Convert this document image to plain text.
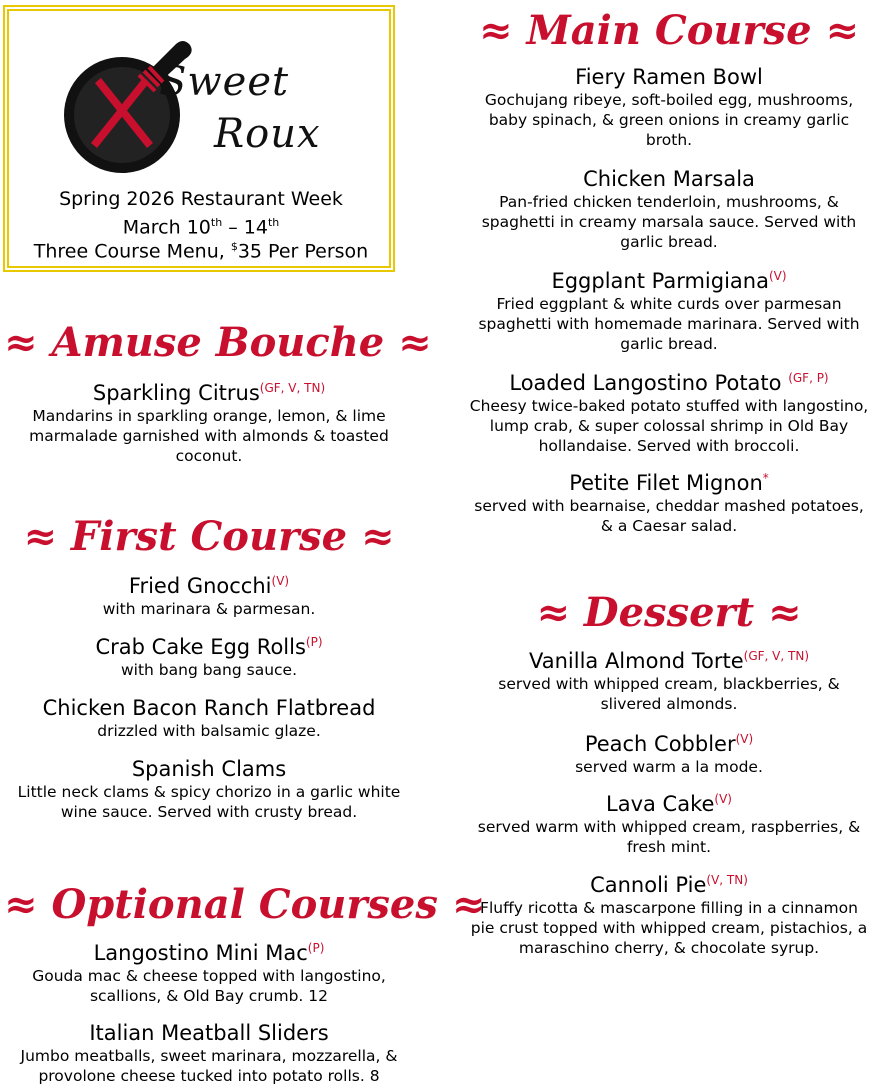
Sweet
Roux
Spring 2026 Restaurant Week
March 10th – 14th
Three Course Menu, $35 Per Person
≈ Amuse Bouche ≈
Sparkling Citrus$^{(GF, V, TN)}$
Mandarins in sparkling orange, lemon, & lime marmalade garnished with almonds & toasted coconut.
≈ First Course ≈
Fried Gnocchi$^{(V)}$
with marinara & parmesan.
Crab Cake Egg Rolls$^{(P)}$
with bang bang sauce.
Chicken Bacon Ranch Flatbread
drizzled with balsamic glaze.
Spanish Clams
Little neck clams & spicy chorizo in a garlic white wine sauce. Served with crusty bread.
≈ Optional Courses ≈
Langostino Mini Mac$^{(P)}$
Gouda mac & cheese topped with langostino, scallions, & Old Bay crumb. 12
Italian Meatball Sliders
Jumbo meatballs, sweet marinara, mozzarella, & provolone cheese tucked into potato rolls. 8
≈ Main Course ≈
Fiery Ramen Bowl
Gochujang ribeye, soft-boiled egg, mushrooms, baby spinach, & green onions in creamy garlic broth.
Chicken Marsala
Pan-fried chicken tenderloin, mushrooms, & spaghetti in creamy marsala sauce. Served with garlic bread.
Eggplant Parmigiana$^{(V)}$
Fried eggplant & white curds over parmesan spaghetti with homemade marinara. Served with garlic bread.
Loaded Langostino Potato $^{(GF, P)}$
Cheesy twice-baked potato stuffed with langostino, lump crab, & super colossal shrimp in Old Bay hollandaise. Served with broccoli.
Petite Filet Mignon*
served with bearnaise, cheddar mashed potatoes, & a Caesar salad.
≈ Dessert ≈
Vanilla Almond Torte$^{(GF, V, TN)}$
served with whipped cream, blackberries, & slivered almonds.
Peach Cobbler$^{(V)}$
served warm a la mode.
Lava Cake$^{(V)}$
served warm with whipped cream, raspberries, & fresh mint.
Cannoli Pie$^{(V, TN)}$
Fluffy ricotta & mascarpone filling in a cinnamon pie crust topped with whipped cream, pistachios, a maraschino cherry, & chocolate syrup.
